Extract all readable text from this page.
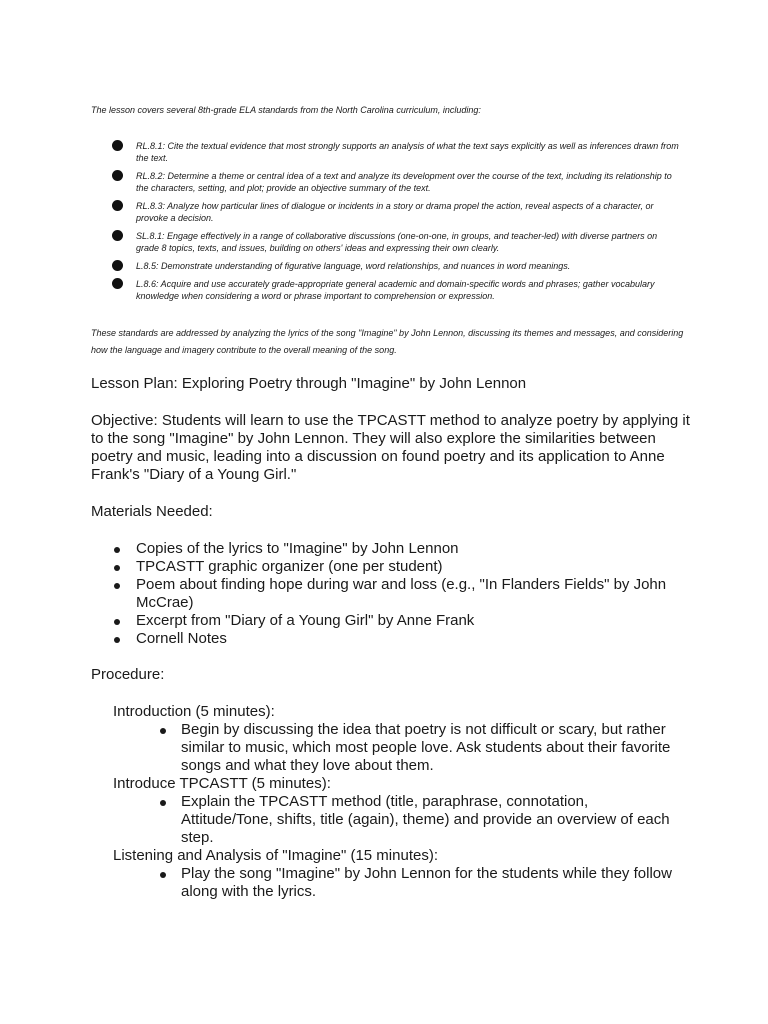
The lesson covers several 8th-grade ELA standards from the North Carolina curriculum, including:
RL.8.1: Cite the textual evidence that most strongly supports an analysis of what the text says explicitly as well as inferences drawn from the text.
RL.8.2: Determine a theme or central idea of a text and analyze its development over the course of the text, including its relationship to the characters, setting, and plot; provide an objective summary of the text.
RL.8.3: Analyze how particular lines of dialogue or incidents in a story or drama propel the action, reveal aspects of a character, or provoke a decision.
SL.8.1: Engage effectively in a range of collaborative discussions (one-on-one, in groups, and teacher-led) with diverse partners on grade 8 topics, texts, and issues, building on others' ideas and expressing their own clearly.
L.8.5: Demonstrate understanding of figurative language, word relationships, and nuances in word meanings.
L.8.6: Acquire and use accurately grade-appropriate general academic and domain-specific words and phrases; gather vocabulary knowledge when considering a word or phrase important to comprehension or expression.
These standards are addressed by analyzing the lyrics of the song "Imagine" by John Lennon, discussing its themes and messages, and considering how the language and imagery contribute to the overall meaning of the song.
Lesson Plan: Exploring Poetry through "Imagine" by John Lennon
Objective: Students will learn to use the TPCASTT method to analyze poetry by applying it to the song "Imagine" by John Lennon. They will also explore the similarities between poetry and music, leading into a discussion on found poetry and its application to Anne Frank's "Diary of a Young Girl."
Materials Needed:
Copies of the lyrics to "Imagine" by John Lennon
TPCASTT graphic organizer (one per student)
Poem about finding hope during war and loss (e.g., "In Flanders Fields" by John McCrae)
Excerpt from "Diary of a Young Girl" by Anne Frank
Cornell Notes
Procedure:
Introduction (5 minutes):
Begin by discussing the idea that poetry is not difficult or scary, but rather similar to music, which most people love. Ask students about their favorite songs and what they love about them.
Introduce TPCASTT (5 minutes):
Explain the TPCASTT method (title, paraphrase, connotation, Attitude/Tone, shifts, title (again), theme) and provide an overview of each step.
Listening and Analysis of "Imagine" (15 minutes):
Play the song "Imagine" by John Lennon for the students while they follow along with the lyrics.
